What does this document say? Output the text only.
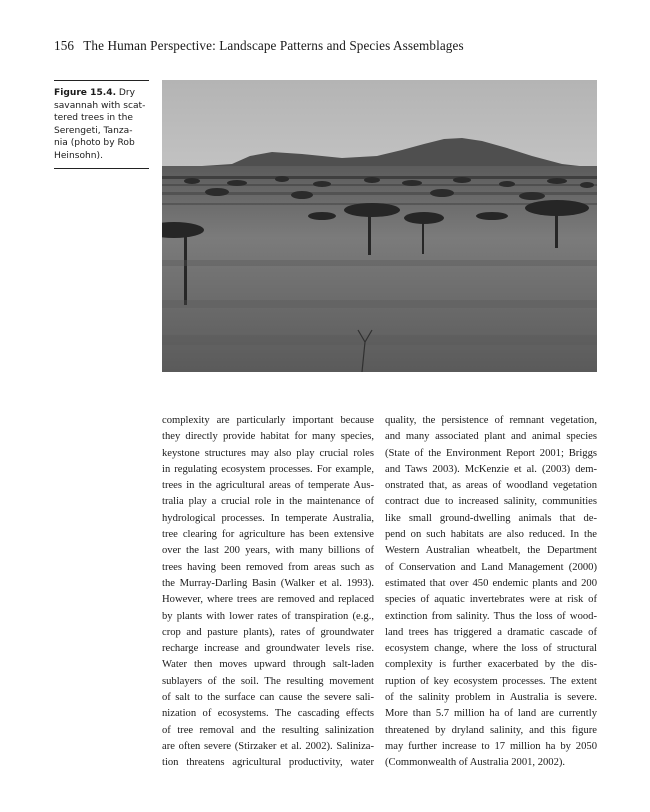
156 The Human Perspective: Landscape Patterns and Species Assemblages
Figure 15.4. Dry
savannah with scat-
tered trees in the
Serengeti, Tanza-
nia (photo by Rob
Heinsohn).
complexity are particularly important because
they directly provide habitat for many species,
keystone structures may also play crucial roles
in regulating ecosystem processes. For example,
trees in the agricultural areas of temperate Aus-
tralia play a crucial role in the maintenance of
hydrological processes. In temperate Australia,
tree clearing for agriculture has been extensive
over the last 200 years, with many billions of
trees having been removed from areas such as
the Murray-Darling Basin (Walker et al. 1993).
However, where trees are removed and replaced
by plants with lower rates of transpiration (e.g.,
crop and pasture plants), rates of groundwater
recharge increase and groundwater levels rise.
Water then moves upward through salt-laden
sublayers of the soil. The resulting movement
of salt to the surface can cause the severe sali-
nization of ecosystems. The cascading effects
of tree removal and the resulting salinization
are often severe (Stirzaker et al. 2002). Saliniza-
tion threatens agricultural productivity, water
quality, the persistence of remnant vegetation,
and many associated plant and animal species
(State of the Environment Report 2001; Briggs
and Taws 2003). McKenzie et al. (2003) dem-
onstrated that, as areas of woodland vegetation
contract due to increased salinity, communities
like small ground-dwelling animals that de-
pend on such habitats are also reduced. In the
Western Australian wheatbelt, the Department
of Conservation and Land Management (2000)
estimated that over 450 endemic plants and 200
species of aquatic invertebrates were at risk of
extinction from salinity. Thus the loss of wood-
land trees has triggered a dramatic cascade of
ecosystem change, where the loss of structural
complexity is further exacerbated by the dis-
ruption of key ecosystem processes. The extent
of the salinity problem in Australia is severe.
More than 5.7 million ha of land are currently
threatened by dryland salinity, and this figure
may further increase to 17 million ha by 2050
(Commonwealth of Australia 2001, 2002).
